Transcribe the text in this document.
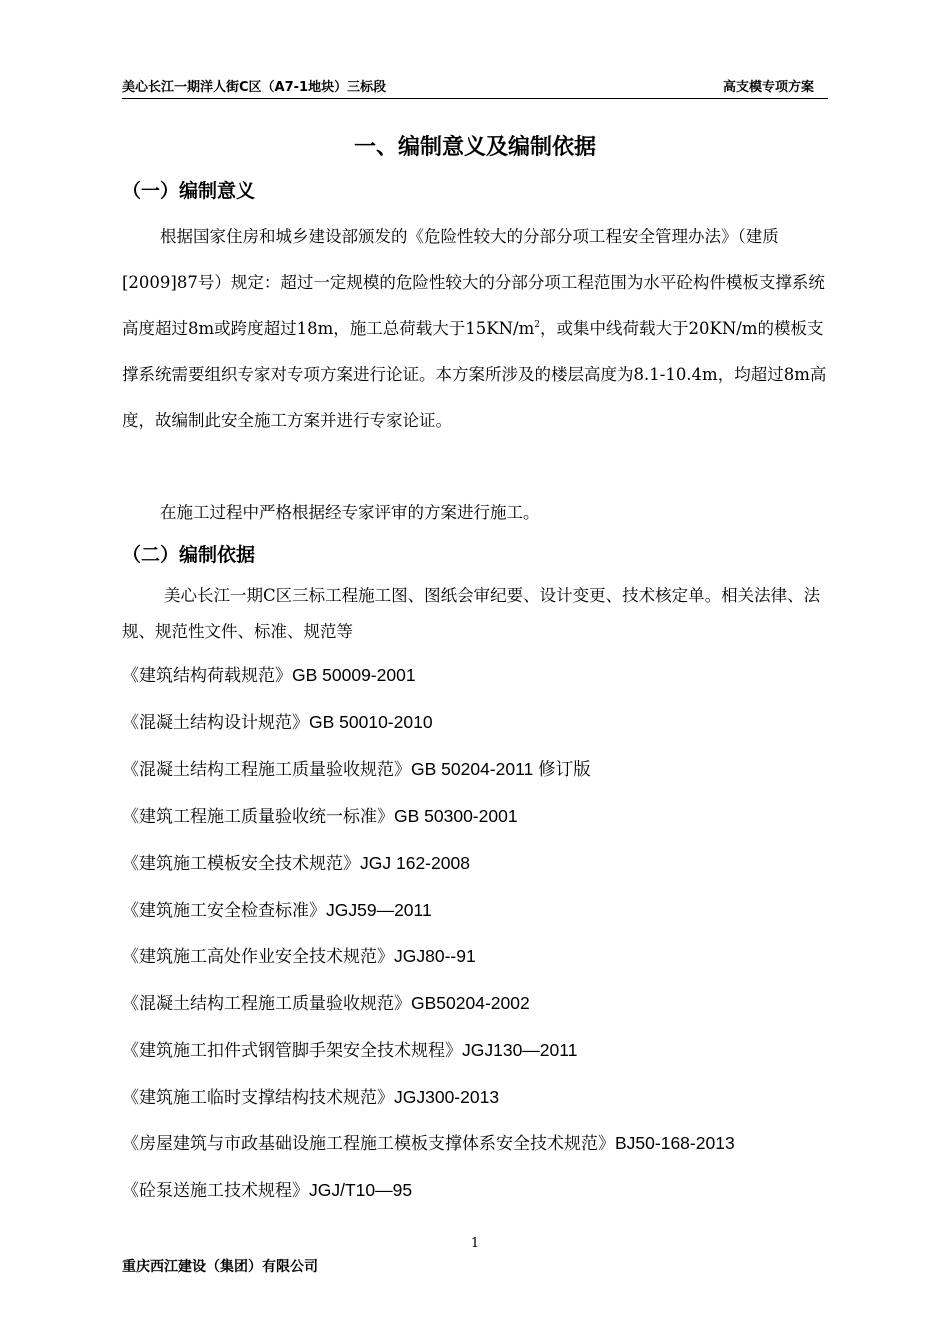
美心长江一期洋人街C区（A7-1地块）三标段	高支模专项方案
一、编制意义及编制依据
（一）编制意义
根据国家住房和城乡建设部颁发的《危险性较大的分部分项工程安全管理办法》（建质[2009]87号）规定：超过一定规模的危险性较大的分部分项工程范围为水平砼构件模板支撑系统高度超过8m或跨度超过18m，施工总荷载大于$15KN/m^2$，或集中线荷载大于20KN/m的模板支撑系统需要组织专家对专项方案进行论证。本方案所涉及的楼层高度为8.1-10.4m，均超过8m高度，故编制此安全施工方案并进行专家论证。
在施工过程中严格根据经专家评审的方案进行施工。
（二）编制依据
美心长江一期C区三标工程施工图、图纸会审纪要、设计变更、技术核定单。相关法律、法规、规范性文件、标准、规范等
《建筑结构荷载规范》GB 50009-2001
《混凝土结构设计规范》GB 50010-2010
《混凝土结构工程施工质量验收规范》GB 50204-2011 修订版
《建筑工程施工质量验收统一标准》GB 50300-2001
《建筑施工模板安全技术规范》JGJ 162-2008
《建筑施工安全检查标准》JGJ59—2011
《建筑施工高处作业安全技术规范》JGJ80--91
《混凝土结构工程施工质量验收规范》GB50204-2002
《建筑施工扣件式钢管脚手架安全技术规程》JGJ130—2011
《建筑施工临时支撑结构技术规范》JGJ300-2013
《房屋建筑与市政基础设施工程施工模板支撑体系安全技术规范》BJ50-168-2013
《砼泵送施工技术规程》JGJ/T10—95
1
重庆西江建设（集团）有限公司
